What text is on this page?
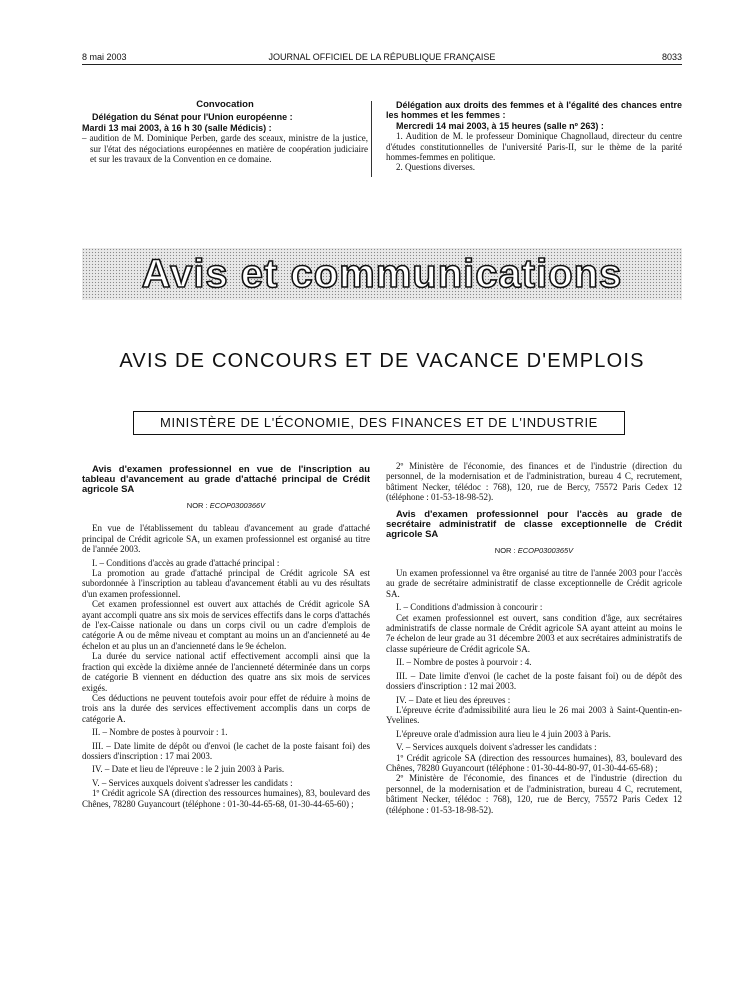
8 mai 2003	JOURNAL OFFICIEL DE LA RÉPUBLIQUE FRANÇAISE	8033

Convocation

Délégation du Sénat pour l'Union européenne :

Mardi 13 mai 2003, à 16 h 30 (salle Médicis) :

– audition de M. Dominique Perben, garde des sceaux, ministre de la justice, sur l'état des négociations européennes en matière de coopération judiciaire et sur les travaux de la Convention en ce domaine.

Délégation aux droits des femmes et à l'égalité des chances entre les hommes et les femmes :

Mercredi 14 mai 2003, à 15 heures (salle nº 263) :

1. Audition de M. le professeur Dominique Chagnollaud, directeur du centre d'études constitutionnelles de l'université Paris-II, sur le thème de la parité hommes-femmes en politique.

2. Questions diverses.

Avis et communications
AVIS DE CONCOURS ET DE VACANCE D'EMPLOIS
MINISTÈRE DE L'ÉCONOMIE, DES FINANCES ET DE L'INDUSTRIE

Avis d'examen professionnel en vue de l'inscription au tableau d'avancement au grade d'attaché principal de Crédit agricole SA

NOR : ECOP0300366V

En vue de l'établissement du tableau d'avancement au grade d'attaché principal de Crédit agricole SA, un examen professionnel est organisé au titre de l'année 2003.

I. – Conditions d'accès au grade d'attaché principal :

La promotion au grade d'attaché principal de Crédit agricole SA est subordonnée à l'inscription au tableau d'avancement établi au vu des résultats d'un examen professionnel.

Cet examen professionnel est ouvert aux attachés de Crédit agricole SA ayant accompli quatre ans six mois de services effectifs dans le corps d'attachés de l'ex-Caisse nationale ou dans un corps civil ou un cadre d'emplois de catégorie A ou de même niveau et comptant au moins un an d'ancienneté au 4e échelon et au plus un an d'ancienneté dans le 9e échelon.

La durée du service national actif effectivement accompli ainsi que la fraction qui excède la dixième année de l'ancienneté déterminée dans un corps de catégorie B viennent en déduction des quatre ans six mois de services exigés.

Ces déductions ne peuvent toutefois avoir pour effet de réduire à moins de trois ans la durée des services effectivement accomplis dans un corps de catégorie A.

II. – Nombre de postes à pourvoir : 1.

III. – Date limite de dépôt ou d'envoi (le cachet de la poste faisant foi) des dossiers d'inscription : 17 mai 2003.

IV. – Date et lieu de l'épreuve : le 2 juin 2003 à Paris.

V. – Services auxquels doivent s'adresser les candidats :

1º Crédit agricole SA (direction des ressources humaines), 83, boulevard des Chênes, 78280 Guyancourt (téléphone : 01-30-44-65-68, 01-30-44-65-60) ;

2º Ministère de l'économie, des finances et de l'industrie (direction du personnel, de la modernisation et de l'administration, bureau 4 C, recrutement, bâtiment Necker, télédoc : 768), 120, rue de Bercy, 75572 Paris Cedex 12 (téléphone : 01-53-18-98-52).

Avis d'examen professionnel pour l'accès au grade de secrétaire administratif de classe exceptionnelle de Crédit agricole SA

NOR : ECOP0300365V

Un examen professionnel va être organisé au titre de l'année 2003 pour l'accès au grade de secrétaire administratif de classe exceptionnelle de Crédit agricole SA.

I. – Conditions d'admission à concourir :

Cet examen professionnel est ouvert, sans condition d'âge, aux secrétaires administratifs de classe normale de Crédit agricole SA ayant atteint au moins le 7e échelon de leur grade au 31 décembre 2003 et aux secrétaires administratifs de classe supérieure de Crédit agricole SA.

II. – Nombre de postes à pourvoir : 4.

III. – Date limite d'envoi (le cachet de la poste faisant foi) ou de dépôt des dossiers d'inscription : 12 mai 2003.

IV. – Date et lieu des épreuves :

L'épreuve écrite d'admissibilité aura lieu le 26 mai 2003 à Saint-Quentin-en-Yvelines.

L'épreuve orale d'admission aura lieu le 4 juin 2003 à Paris.

V. – Services auxquels doivent s'adresser les candidats :

1º Crédit agricole SA (direction des ressources humaines), 83, boulevard des Chênes, 78280 Guyancourt (téléphone : 01-30-44-80-97, 01-30-44-65-68) ;

2º Ministère de l'économie, des finances et de l'industrie (direction du personnel, de la modernisation et de l'administration, bureau 4 C, recrutement, bâtiment Necker, télédoc : 768), 120, rue de Bercy, 75572 Paris Cedex 12 (téléphone : 01-53-18-98-52).
